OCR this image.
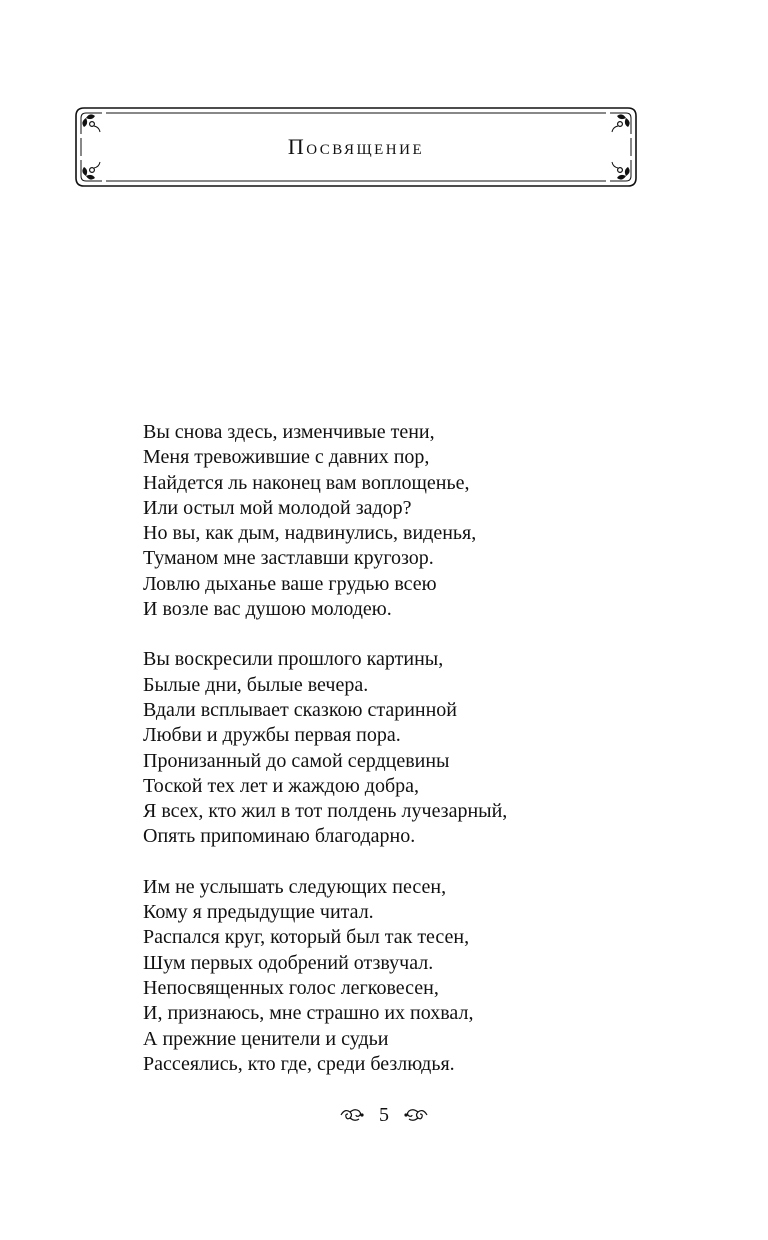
Посвящение
Вы снова здесь, изменчивые тени,
Меня тревожившие с давних пор,
Найдется ль наконец вам воплощенье,
Или остыл мой молодой задор?
Но вы, как дым, надвинулись, виденья,
Туманом мне застлавши кругозор.
Ловлю дыханье ваше грудью всею
И возле вас душою молодею.
Вы воскресили прошлого картины,
Былые дни, былые вечера.
Вдали всплывает сказкою старинной
Любви и дружбы первая пора.
Пронизанный до самой сердцевины
Тоской тех лет и жаждою добра,
Я всех, кто жил в тот полдень лучезарный,
Опять припоминаю благодарно.
Им не услышать следующих песен,
Кому я предыдущие читал.
Распался круг, который был так тесен,
Шум первых одобрений отзвучал.
Непосвященных голос легковесен,
И, признаюсь, мне страшно их похвал,
А прежние ценители и судьи
Рассеялись, кто где, среди безлюдья.
5
